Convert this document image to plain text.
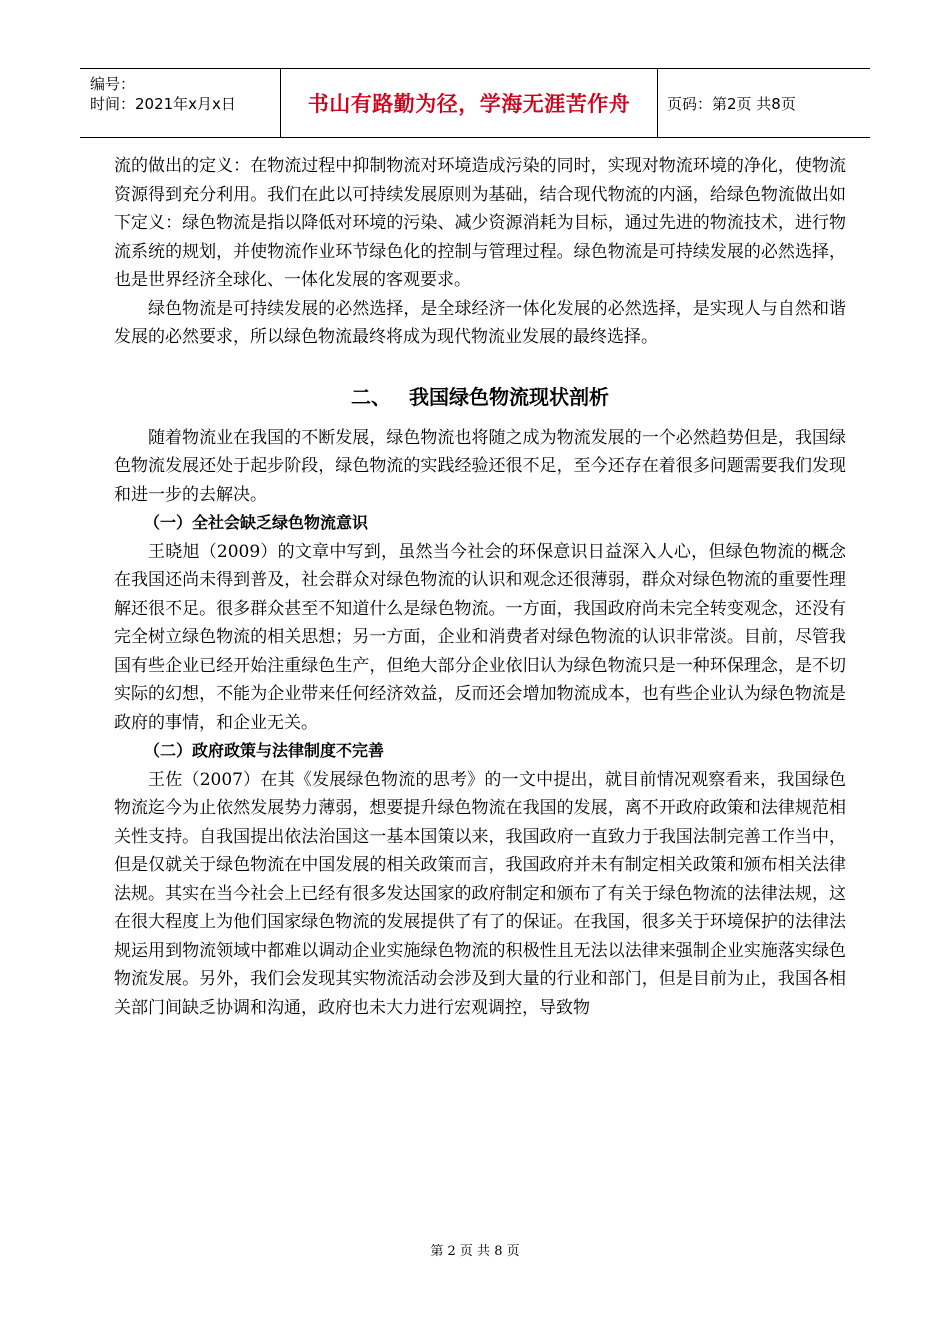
编号：
时间：2021年x月x日	书山有路勤为径，学海无涯苦作舟	页码：第2页 共8页

流的做出的定义：在物流过程中抑制物流对环境造成污染的同时，实现对物流环境的净化，使物流资源得到充分利用。我们在此以可持续发展原则为基础，结合现代物流的内涵，给绿色物流做出如下定义：绿色物流是指以降低对环境的污染、减少资源消耗为目标，通过先进的物流技术，进行物流系统的规划，并使物流作业环节绿色化的控制与管理过程。绿色物流是可持续发展的必然选择，也是世界经济全球化、一体化发展的客观要求。

绿色物流是可持续发展的必然选择，是全球经济一体化发展的必然选择，是实现人与自然和谐发展的必然要求，所以绿色物流最终将成为现代物流业发展的最终选择。

二、 我国绿色物流现状剖析

随着物流业在我国的不断发展，绿色物流也将随之成为物流发展的一个必然趋势但是，我国绿色物流发展还处于起步阶段，绿色物流的实践经验还很不足，至今还存在着很多问题需要我们发现和进一步的去解决。

（一）全社会缺乏绿色物流意识

王晓旭（2009）的文章中写到，虽然当今社会的环保意识日益深入人心，但绿色物流的概念在我国还尚未得到普及，社会群众对绿色物流的认识和观念还很薄弱，群众对绿色物流的重要性理解还很不足。很多群众甚至不知道什么是绿色物流。一方面，我国政府尚未完全转变观念，还没有完全树立绿色物流的相关思想；另一方面，企业和消费者对绿色物流的认识非常淡。目前，尽管我国有些企业已经开始注重绿色生产，但绝大部分企业依旧认为绿色物流只是一种环保理念，是不切实际的幻想，不能为企业带来任何经济效益，反而还会增加物流成本，也有些企业认为绿色物流是政府的事情，和企业无关。

（二）政府政策与法律制度不完善

王佐（2007）在其《发展绿色物流的思考》的一文中提出，就目前情况观察看来，我国绿色物流迄今为止依然发展势力薄弱，想要提升绿色物流在我国的发展，离不开政府政策和法律规范相关性支持。自我国提出依法治国这一基本国策以来，我国政府一直致力于我国法制完善工作当中，但是仅就关于绿色物流在中国发展的相关政策而言，我国政府并未有制定相关政策和颁布相关法律法规。其实在当今社会上已经有很多发达国家的政府制定和颁布了有关于绿色物流的法律法规，这在很大程度上为他们国家绿色物流的发展提供了有了的保证。在我国，很多关于环境保护的法律法规运用到物流领域中都难以调动企业实施绿色物流的积极性且无法以法律来强制企业实施落实绿色物流发展。另外，我们会发现其实物流活动会涉及到大量的行业和部门，但是目前为止，我国各相关部门间缺乏协调和沟通，政府也未大力进行宏观调控，导致物

第 2 页 共 8 页
